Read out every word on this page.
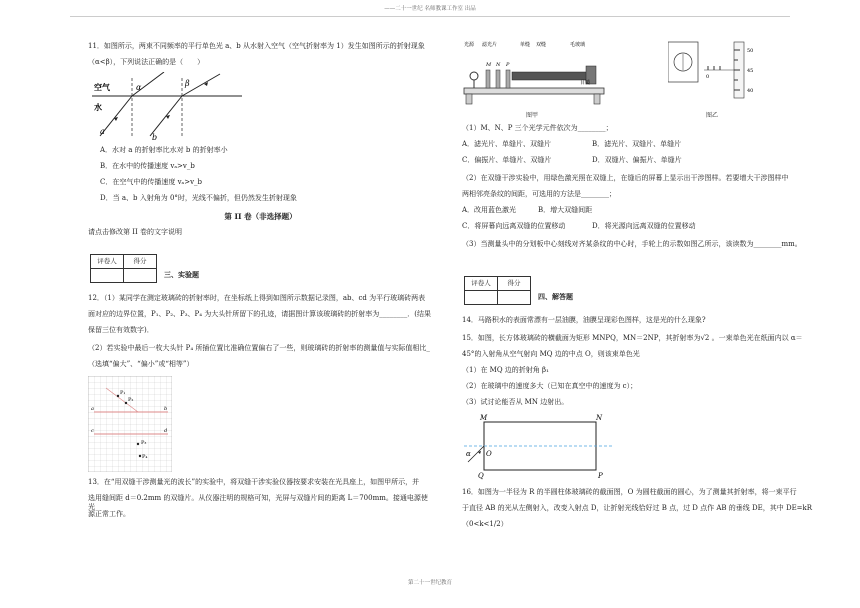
——二十一世纪 名师教课工作室 出品

11．如图所示，两束不同频率的平行单色光 a、b 从水射入空气（空气折射率为 1）发生如图所示的折射现象

（α<β），下列说法正确的是（　　）

空气
水
α	β
a
b

A．水对 a 的折射率比水对 b 的折射率小

B．在水中的传播速度 vₐ>v_b

C．在空气中的传播速度 vₐ>v_b

D．当 a、b 入射角为 0°时，光线不偏折，但仍然发生折射现象

第 II 卷（非选择题）

请点击修改第 II 卷的文字说明

评卷人	得分

三、实验题

12．（1）某同学在测定玻璃砖的折射率时，在坐标纸上得到如图所示数据记录图，ab、cd 为平行玻璃砖两表

面对应的边界位置，P₁、P₂、P₃、P₄ 为大头针所留下的孔迹，请据图计算该玻璃砖的折射率为________．(结果

保留三位有效数字)．

（2）若实验中最后一枚大头针 P₄ 所插位置比准确位置偏右了一些，则玻璃砖的折射率的测量值与实际值相比_

（选填“偏大”、“偏小”或“相等”）

a	b
c	d
P₁
P₂
P₃
P₄

13．在“用双缝干涉测量光的波长”的实验中，将双缝干涉实验仪器按要求安装在光具座上，如图甲所示，并

选用缝间距 d＝0.2mm 的双缝片。从仪器注明的规格可知，光屏与双缝片间的距离 L＝700mm。接通电源使光

源正常工作。

光源 滤光片	单缝 双缝	毛玻璃
目镜
M N P

图甲

50
45
40
0

图乙

（1）M、N、P 三个光学元件依次为________；

A．滤光片、单缝片、双缝片	B．滤光片、双缝片、单缝片

C．偏振片、单缝片、双缝片	D．双缝片、偏振片、单缝片

（2）在双缝干涉实验中，用绿色激光照在双缝上，在缝后的屏幕上显示出干涉图样。若要增大干涉图样中

两相邻亮条纹的间距，可选用的方法是________；

A．改用蓝色激光	B．增大双缝间距

C．将屏幕向远离双缝的位置移动	D．将光源向远离双缝的位置移动

（3）当测量头中的分划板中心刻线对齐某条纹的中心时，手轮上的示数如图乙所示，该读数为________mm。

评卷人	得分

四、解答题

14．马路积水的表面常漂有一层油膜，油膜呈现彩色图样，这是光的什么现象?

15．如图，长方体玻璃砖的横截面为矩形 MNPQ，MN＝2NP，其折射率为√2 。一束单色光在纸面内以 α＝

45°的入射角从空气射向 MQ 边的中点 O，则该束单色光

（1）在 MQ 边的折射角 β₁

（2）在玻璃中的速度多大（已知在真空中的速度为 c）；

（3）试讨论能否从 MN 边射出。

M	N
Q	P
O
α

16．如图为一半径为 R 的半圆柱体玻璃砖的截面图，O 为圆柱截面的圆心，为了测量其折射率，将一束平行

于直径 AB 的光从左侧射入，改变入射点 D，让折射光线恰好过 B 点，过 D 点作 AB 的垂线 DE，其中 DE=kR

（0<k<1/2）

第二十一世纪教育
